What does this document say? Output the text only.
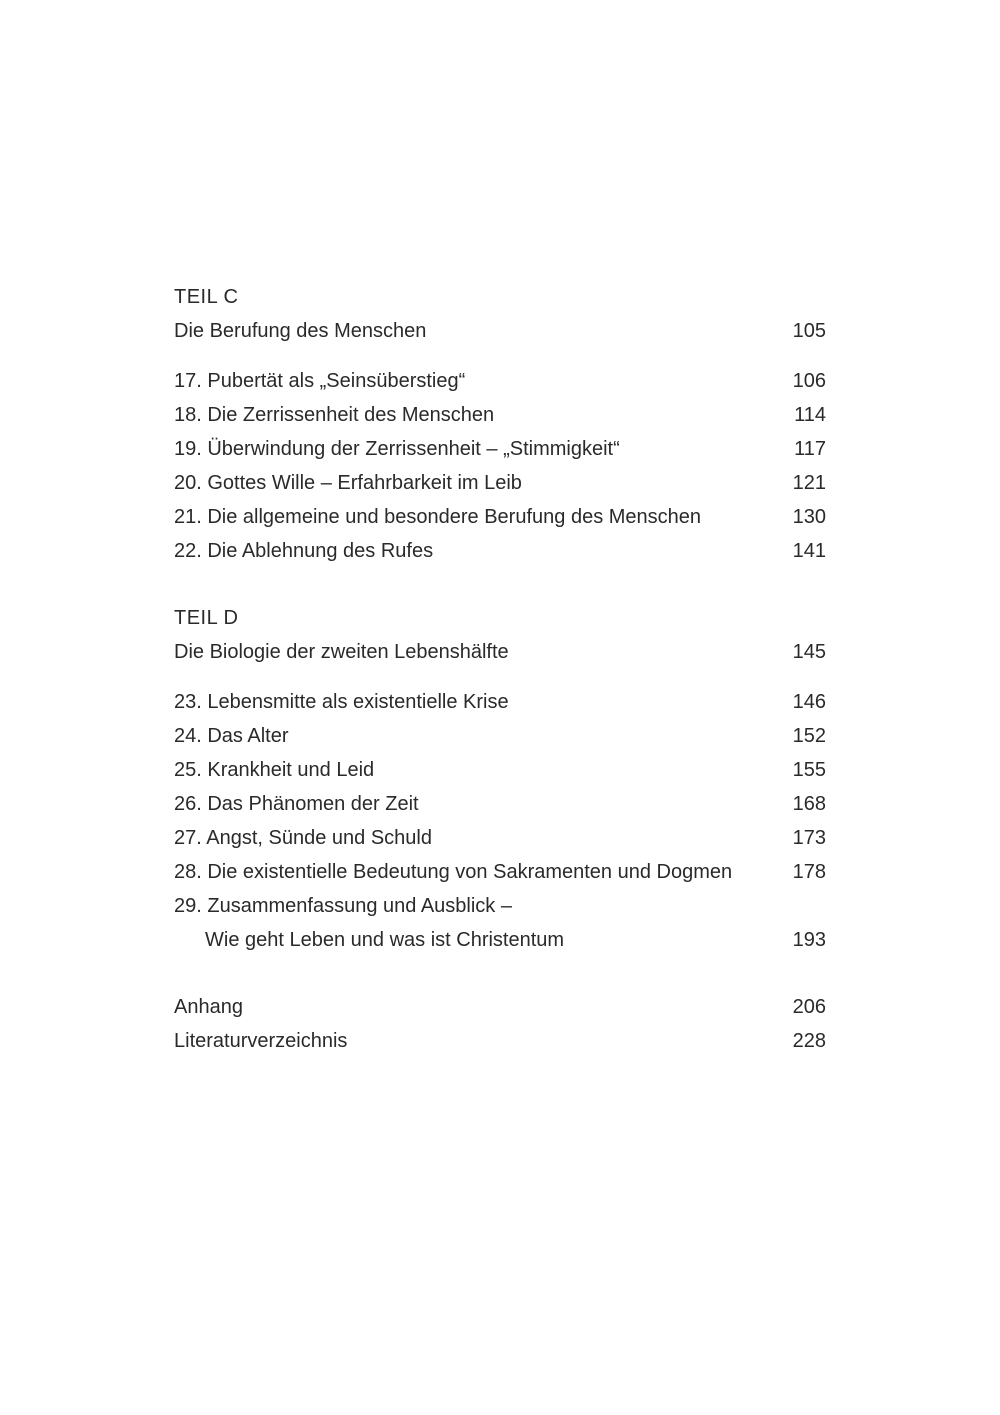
TEIL C
Die Berufung des Menschen	105
17. Pubertät als „Seinsüberstieg“	106
18. Die Zerrissenheit des Menschen	114
19. Überwindung der Zerrissenheit – „Stimmigkeit“	117
20. Gottes Wille – Erfahrbarkeit im Leib	121
21. Die allgemeine und besondere Berufung des Menschen	130
22. Die Ablehnung des Rufes	141
TEIL D
Die Biologie der zweiten Lebenshälfte	145
23. Lebensmitte als existentielle Krise	146
24. Das Alter	152
25. Krankheit und Leid	155
26. Das Phänomen der Zeit	168
27. Angst, Sünde und Schuld	173
28. Die existentielle Bedeutung von Sakramenten und Dogmen	178
29. Zusammenfassung und Ausblick –
Wie geht Leben und was ist Christentum	193
Anhang	206
Literaturverzeichnis	228
